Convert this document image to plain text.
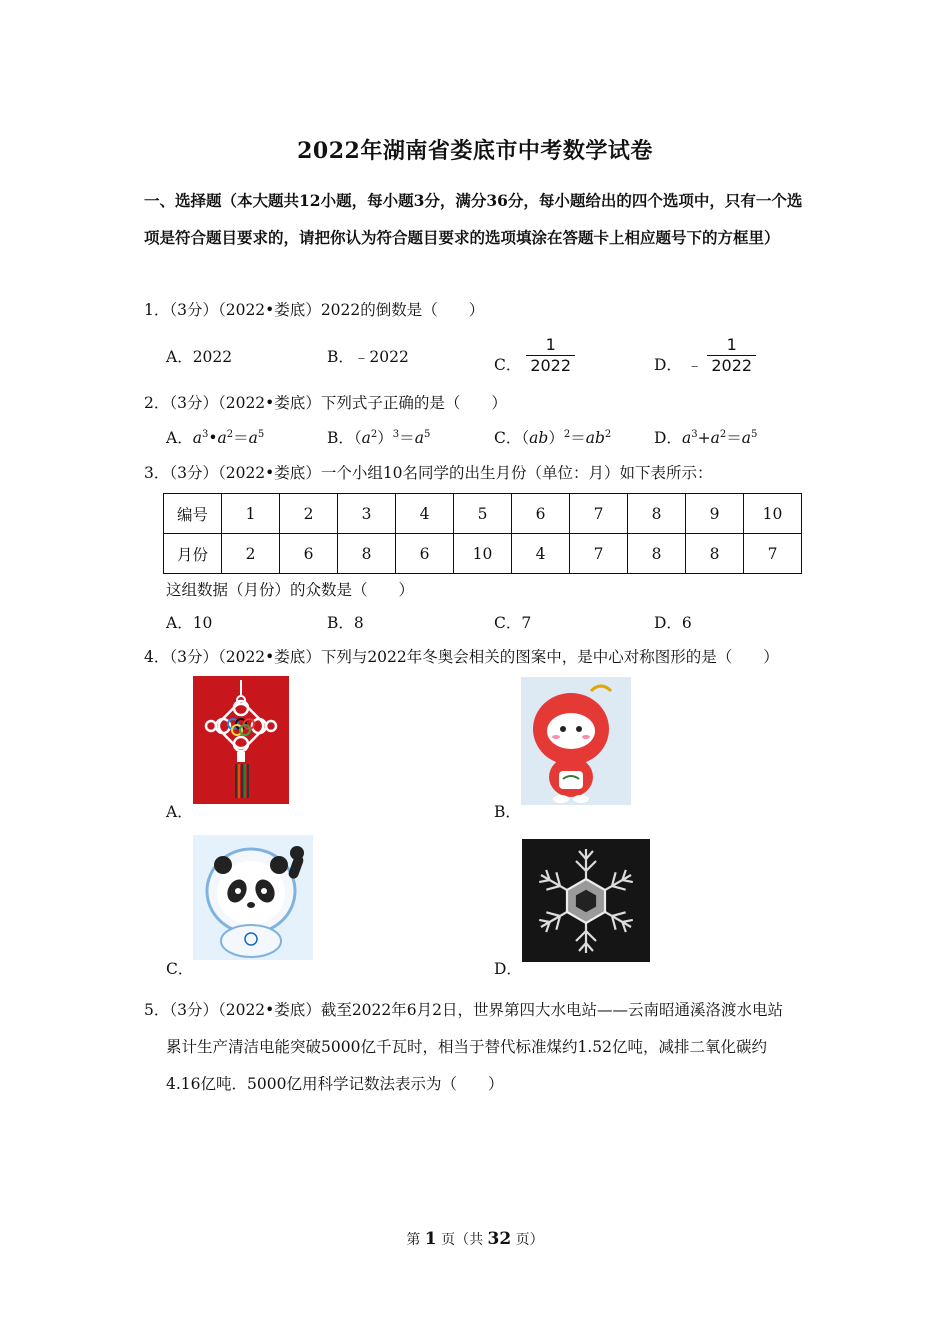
2022年湖南省娄底市中考数学试卷
一、选择题（本大题共12小题，每小题3分，满分36分，每小题给出的四个选项中，只有一个选项是符合题目要求的，请把你认为符合题目要求的选项填涂在答题卡上相应题号下的方框里）
1．（3分）（2022•娄底）2022的倒数是（　　）
A．2022	B．﹣2022	C． $\frac{1}{2022}$	D． ﹣ $\frac{1}{2022}$
2．（3分）（2022•娄底）下列式子正确的是（　　）
A．$a^3•a^2=a^5$	B．$(a^2)^3=a^5$	C．$(ab)^2=ab^2$	D．$a^3+a^2=a^5$
3．（3分）（2022•娄底）一个小组10名同学的出生月份（单位：月）如下表所示：
编号	1	2	3	4	5	6	7	8	9	10
月份	2	6	8	6	10	4	7	8	8	7
这组数据（月份）的众数是（　　）
A．10	B．8	C．7	D．6
4．（3分）（2022•娄底）下列与2022年冬奥会相关的图案中，是中心对称图形的是（　　）
A．	B．
C．	D．
5．（3分）（2022•娄底）截至2022年6月2日，世界第四大水电站——云南昭通溪洛渡水电站
累计生产清洁电能突破5000亿千瓦时，相当于替代标准煤约1.52亿吨，减排二氧化碳约
4.16亿吨．5000亿用科学记数法表示为（　　）
第 1 页（共 32 页）
